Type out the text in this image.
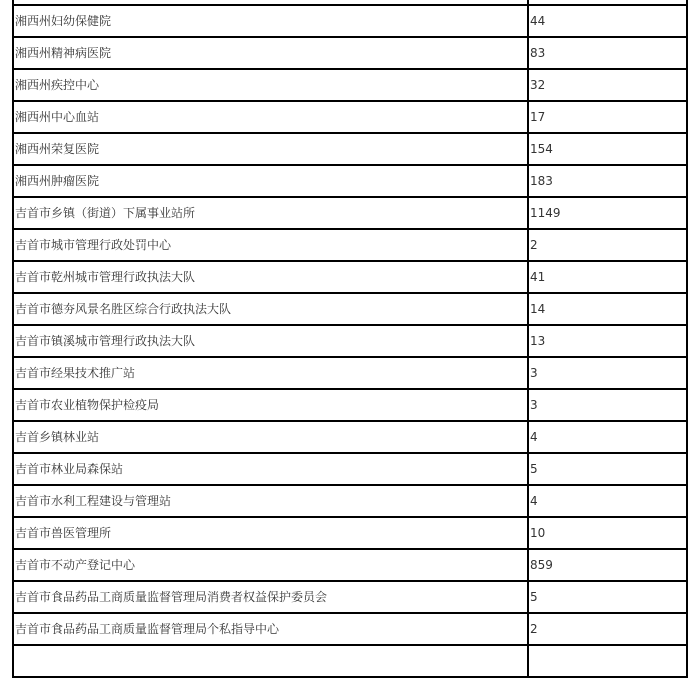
湘西州妇幼保健院	44
湘西州精神病医院	83
湘西州疾控中心	32
湘西州中心血站	17
湘西州荣复医院	154
湘西州肿瘤医院	183
吉首市乡镇（街道）下属事业站所	1149
吉首市城市管理行政处罚中心	2
吉首市乾州城市管理行政执法大队	41
吉首市德夯风景名胜区综合行政执法大队	14
吉首市镇溪城市管理行政执法大队	13
吉首市经果技术推广站	3
吉首市农业植物保护检疫局	3
吉首乡镇林业站	4
吉首市林业局森保站	5
吉首市水利工程建设与管理站	4
吉首市兽医管理所	10
吉首市不动产登记中心	859
吉首市食品药品工商质量监督管理局消费者权益保护委员会	5
吉首市食品药品工商质量监督管理局个私指导中心	2
